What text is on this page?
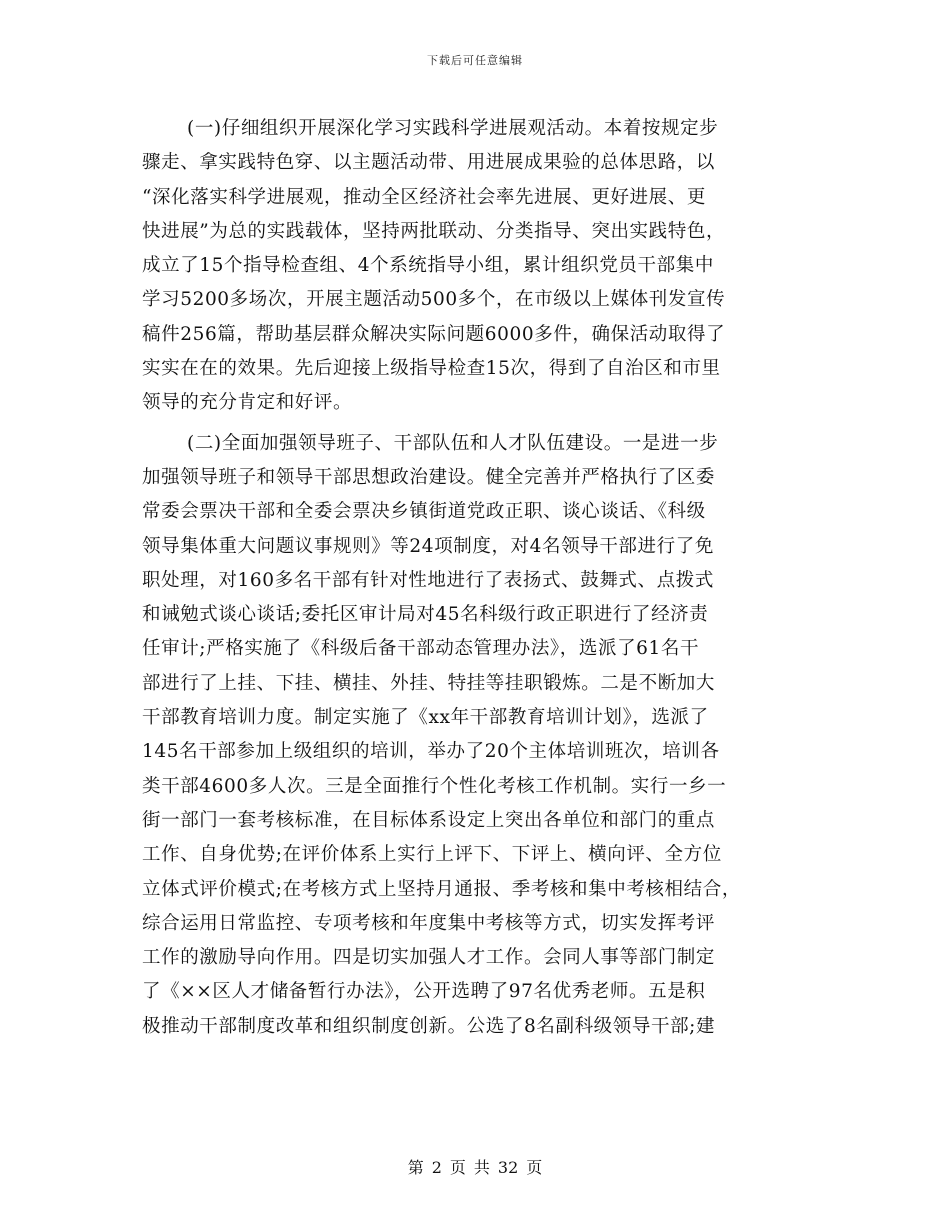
下载后可任意编辑
(一)仔细组织开展深化学习实践科学进展观活动。本着按规定步
骤走、拿实践特色穿、以主题活动带、用进展成果验的总体思路，以
“深化落实科学进展观，推动全区经济社会率先进展、更好进展、更
快进展”为总的实践载体，坚持两批联动、分类指导、突出实践特色，
成立了15个指导检查组、4个系统指导小组，累计组织党员干部集中
学习5200多场次，开展主题活动500多个，在市级以上媒体刊发宣传
稿件256篇，帮助基层群众解决实际问题6000多件，确保活动取得了
实实在在的效果。先后迎接上级指导检查15次，得到了自治区和市里
领导的充分肯定和好评。
(二)全面加强领导班子、干部队伍和人才队伍建设。一是进一步
加强领导班子和领导干部思想政治建设。健全完善并严格执行了区委
常委会票决干部和全委会票决乡镇街道党政正职、谈心谈话、《科级
领导集体重大问题议事规则》等24项制度，对4名领导干部进行了免
职处理，对160多名干部有针对性地进行了表扬式、鼓舞式、点拨式
和诫勉式谈心谈话;委托区审计局对45名科级行政正职进行了经济责
任审计;严格实施了《科级后备干部动态管理办法》，选派了61名干
部进行了上挂、下挂、横挂、外挂、特挂等挂职锻炼。二是不断加大
干部教育培训力度。制定实施了《xx年干部教育培训计划》，选派了
145名干部参加上级组织的培训，举办了20个主体培训班次，培训各
类干部4600多人次。三是全面推行个性化考核工作机制。实行一乡一
街一部门一套考核标准，在目标体系设定上突出各单位和部门的重点
工作、自身优势;在评价体系上实行上评下、下评上、横向评、全方位
立体式评价模式;在考核方式上坚持月通报、季考核和集中考核相结合，
综合运用日常监控、专项考核和年度集中考核等方式，切实发挥考评
工作的激励导向作用。四是切实加强人才工作。会同人事等部门制定
了《××区人才储备暂行办法》，公开选聘了97名优秀老师。五是积
极推动干部制度改革和组织制度创新。公选了8名副科级领导干部;建
第 2 页 共 32 页
